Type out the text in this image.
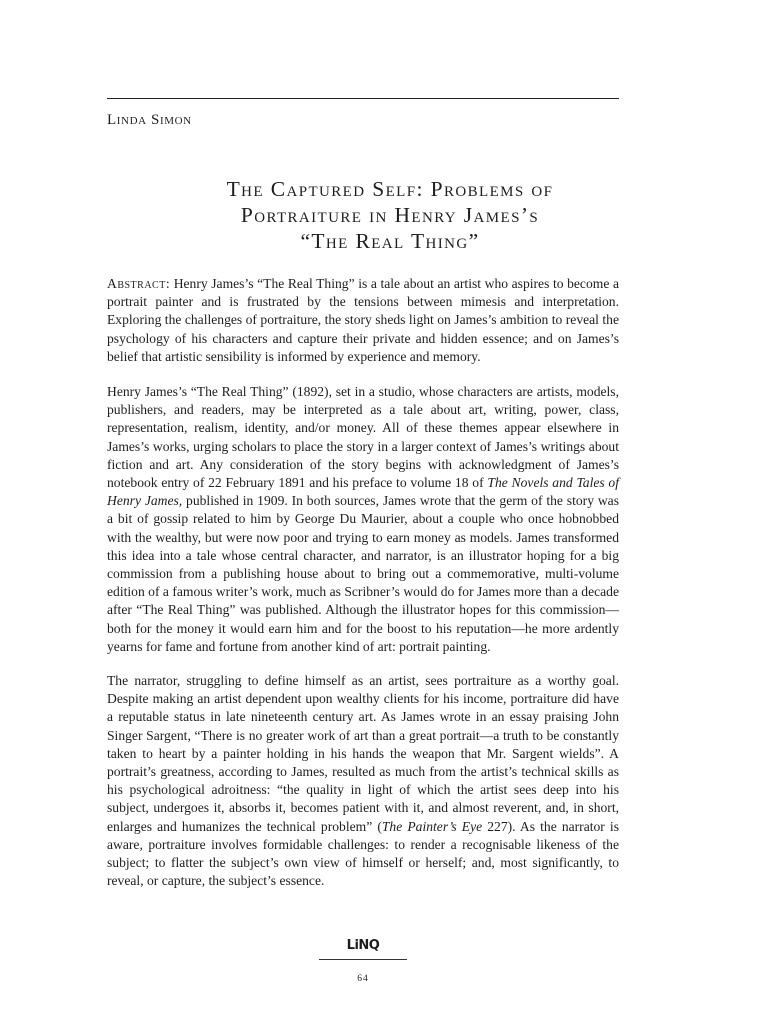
Linda Simon
The Captured Self: Problems of
Portraiture in Henry James’s
“The Real Thing”

Abstract: Henry James’s “The Real Thing” is a tale about an artist who aspires to become a portrait painter and is frustrated by the tensions between mimesis and interpretation. Exploring the challenges of portraiture, the story sheds light on James’s ambition to reveal the psychology of his characters and capture their private and hidden essence; and on James’s belief that artistic sensibility is informed by experience and memory.

Henry James’s “The Real Thing” (1892), set in a studio, whose characters are artists, models, publishers, and readers, may be interpreted as a tale about art, writing, power, class, representation, realism, identity, and/or money. All of these themes appear elsewhere in James’s works, urging scholars to place the story in a larger context of James’s writings about fiction and art. Any consideration of the story begins with acknowledgment of James’s notebook entry of 22 February 1891 and his preface to volume 18 of The Novels and Tales of Henry James, published in 1909. In both sources, James wrote that the germ of the story was a bit of gossip related to him by George Du Maurier, about a couple who once hobnobbed with the wealthy, but were now poor and trying to earn money as models. James transformed this idea into a tale whose central character, and narrator, is an illustrator hoping for a big commission from a publishing house about to bring out a commemorative, multi-volume edition of a famous writer’s work, much as Scribner’s would do for James more than a decade after “The Real Thing” was published. Although the illustrator hopes for this commission—both for the money it would earn him and for the boost to his reputation—he more ardently yearns for fame and fortune from another kind of art: portrait painting.

The narrator, struggling to define himself as an artist, sees portraiture as a worthy goal. Despite making an artist dependent upon wealthy clients for his income, portraiture did have a reputable status in late nineteenth century art. As James wrote in an essay praising John Singer Sargent, “There is no greater work of art than a great portrait—a truth to be constantly taken to heart by a painter holding in his hands the weapon that Mr. Sargent wields”. A portrait’s greatness, according to James, resulted as much from the artist’s technical skills as his psychological adroitness: “the quality in light of which the artist sees deep into his subject, undergoes it, absorbs it, becomes patient with it, and almost reverent, and, in short, enlarges and humanizes the technical problem” (The Painter’s Eye 227). As the narrator is aware, portraiture involves formidable challenges: to render a recognisable likeness of the subject; to flatter the subject’s own view of himself or herself; and, most significantly, to reveal, or capture, the subject’s essence.

LiNQ
64
